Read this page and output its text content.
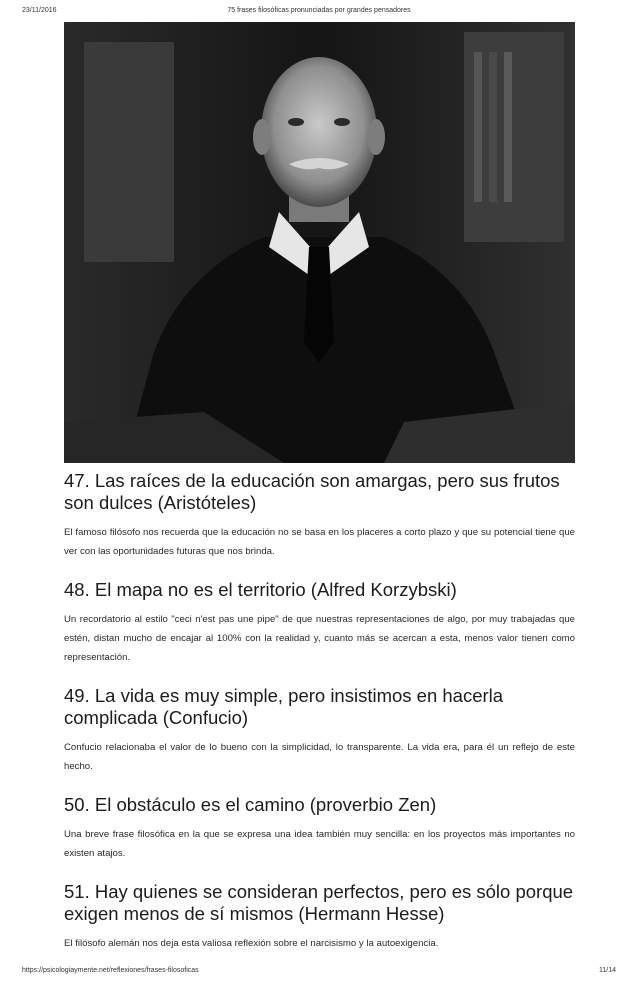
23/11/2016	75 frases filosóficas pronunciadas por grandes pensadores
47. Las raíces de la educación son amargas, pero sus frutos son dulces (Aristóteles)

El famoso filósofo nos recuerda que la educación no se basa en los placeres a corto plazo y que su potencial tiene que ver con las oportunidades futuras que nos brinda.

48. El mapa no es el territorio (Alfred Korzybski)

Un recordatorio al estilo "ceci n'est pas une pipe" de que nuestras representaciones de algo, por muy trabajadas que estén, distan mucho de encajar al 100% con la realidad y, cuanto más se acercan a esta, menos valor tienen como representación.

49. La vida es muy simple, pero insistimos en hacerla complicada (Confucio)

Confucio relacionaba el valor de lo bueno con la simplicidad, lo transparente. La vida era, para él un reflejo de este hecho.

50. El obstáculo es el camino (proverbio Zen)

Una breve frase filosófica en la que se expresa una idea también muy sencilla: en los proyectos más importantes no existen atajos.

51. Hay quienes se consideran perfectos, pero es sólo porque exigen menos de sí mismos (Hermann Hesse)

El filósofo alemán nos deja esta valiosa reflexión sobre el narcisismo y la autoexigencia.

https://psicologiaymente.net/reflexiones/frases-filosoficas	11/14
